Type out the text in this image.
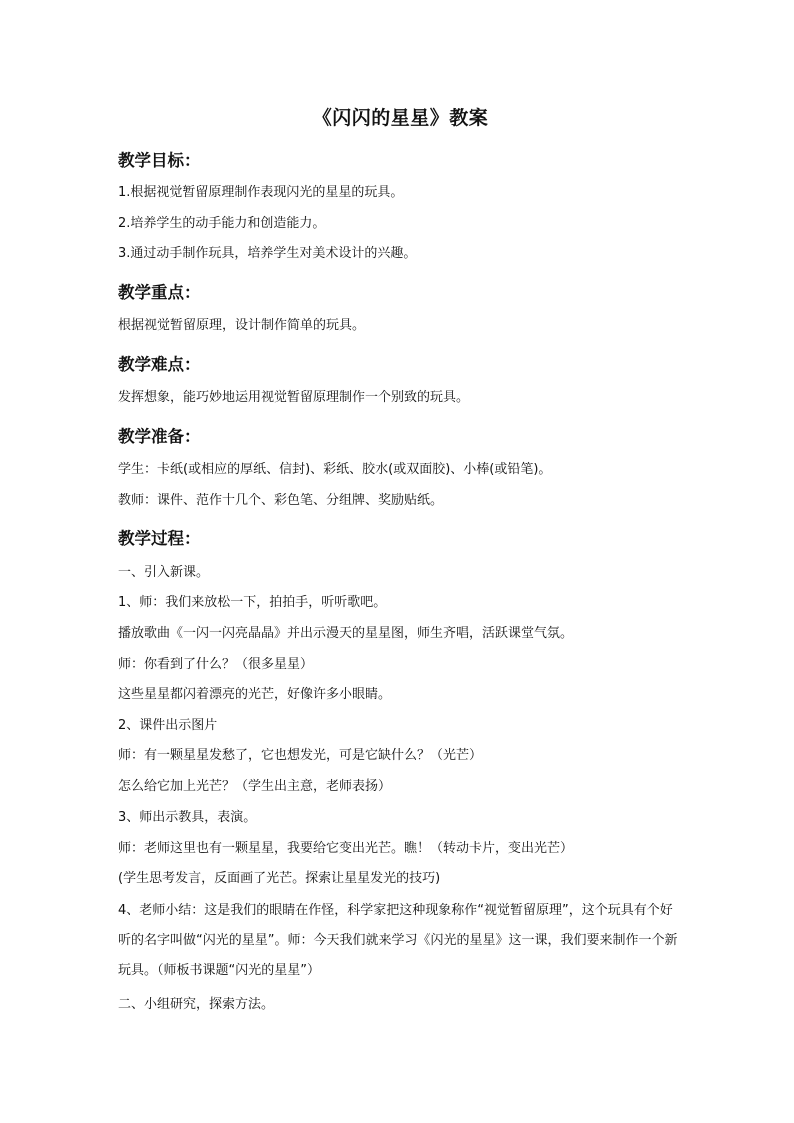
《闪闪的星星》教案
教学目标：
1.根据视觉暂留原理制作表现闪光的星星的玩具。
2.培养学生的动手能力和创造能力。
3.通过动手制作玩具，培养学生对美术设计的兴趣。
教学重点：
根据视觉暂留原理，设计制作简单的玩具。
教学难点：
发挥想象，能巧妙地运用视觉暂留原理制作一个别致的玩具。
教学准备：
学生：卡纸(或相应的厚纸、信封)、彩纸、胶水(或双面胶)、小棒(或铅笔)。
教师：课件、范作十几个、彩色笔、分组牌、奖励贴纸。
教学过程：
一、引入新课。
1、师：我们来放松一下，拍拍手，听听歌吧。
播放歌曲《一闪一闪亮晶晶》并出示漫天的星星图，师生齐唱，活跃课堂气氛。
师：你看到了什么？（很多星星）
这些星星都闪着漂亮的光芒，好像许多小眼睛。
2、课件出示图片
师：有一颗星星发愁了，它也想发光，可是它缺什么？（光芒）
怎么给它加上光芒？（学生出主意，老师表扬）
3、师出示教具，表演。
师：老师这里也有一颗星星，我要给它变出光芒。瞧！（转动卡片，变出光芒）
(学生思考发言，反面画了光芒。探索让星星发光的技巧)
4、老师小结：这是我们的眼睛在作怪，科学家把这种现象称作“视觉暂留原理”，这个玩具有个好听的名字叫做“闪光的星星”。师：今天我们就来学习《闪光的星星》这一课，我们要来制作一个新玩具。（师板书课题“闪光的星星”）
二、小组研究，探索方法。
